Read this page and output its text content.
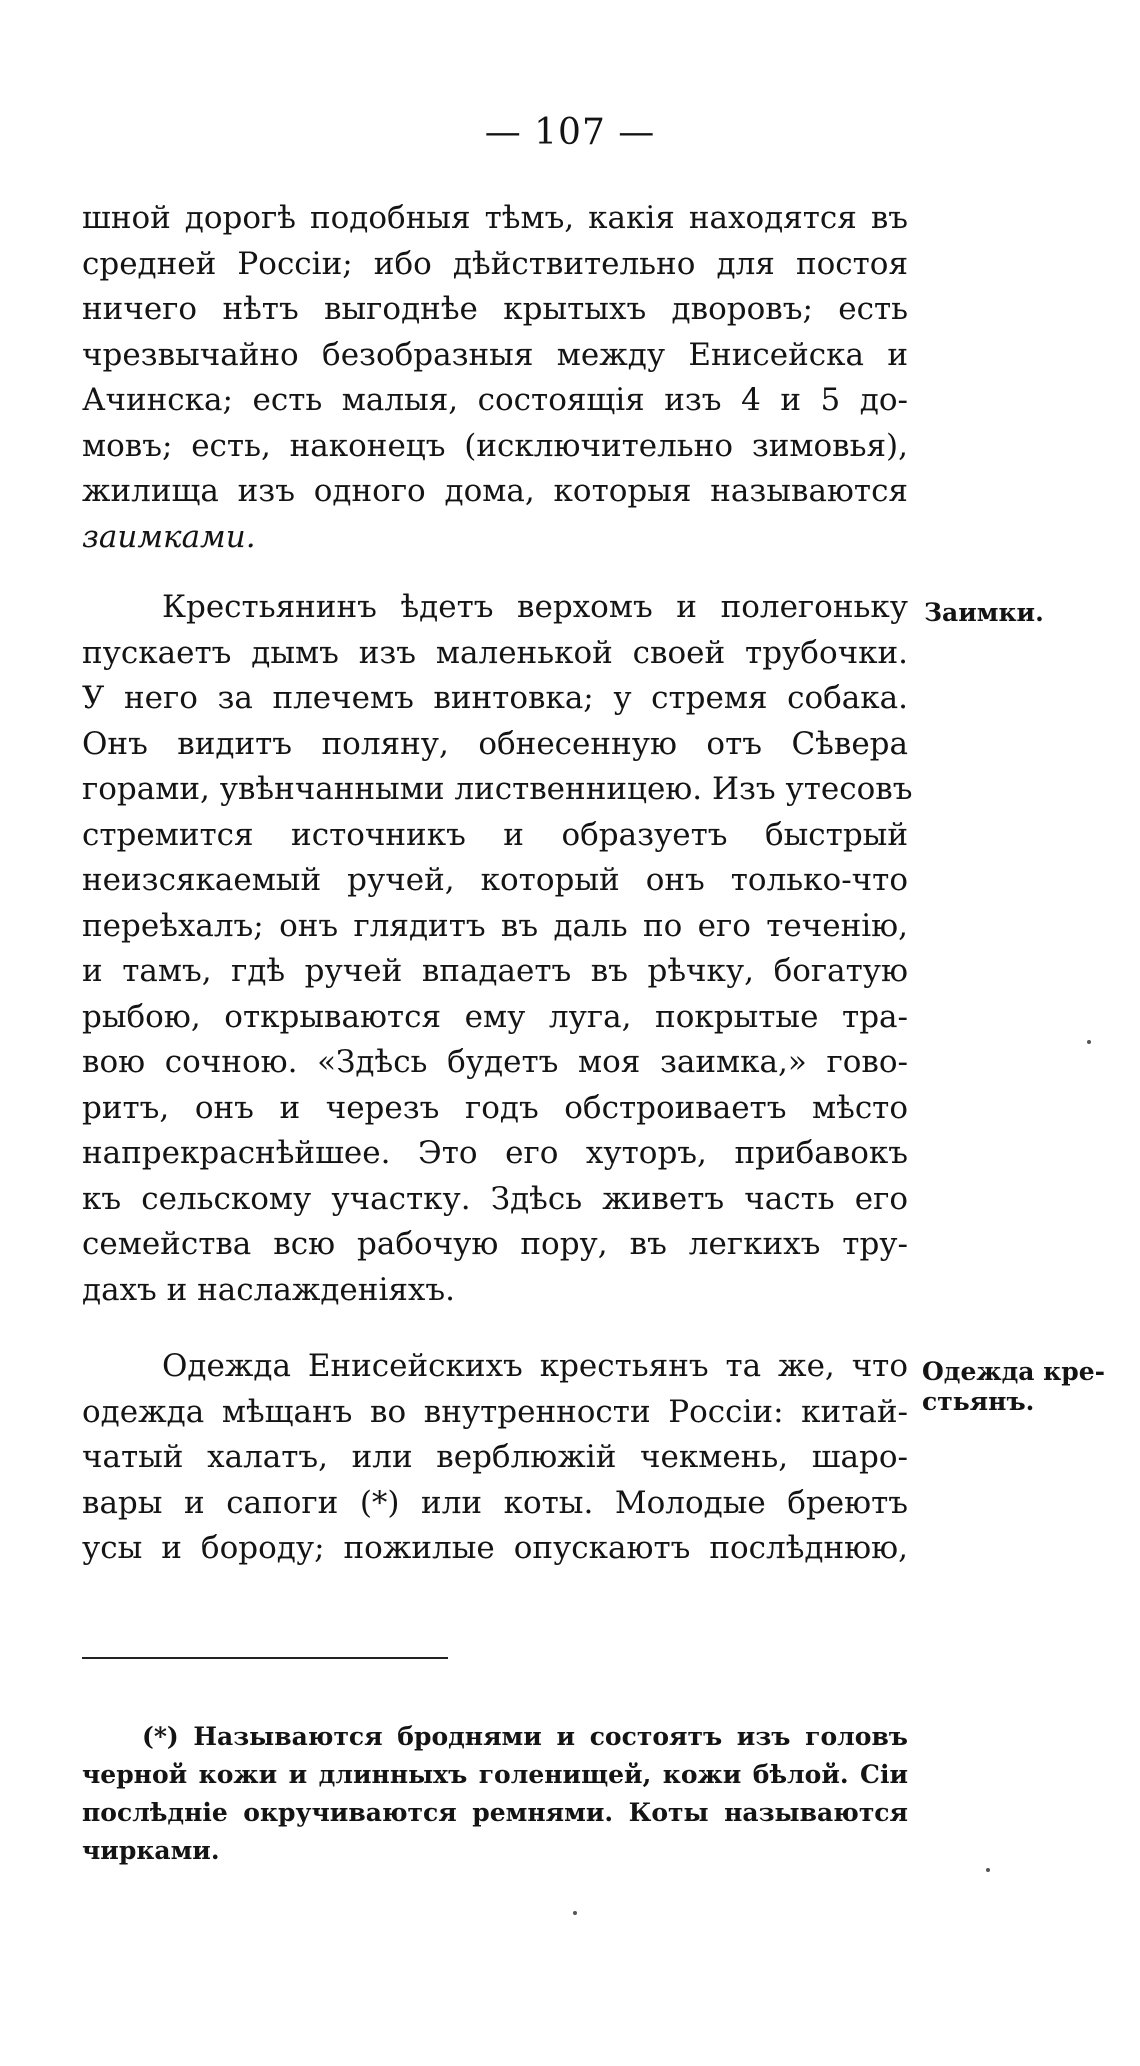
— 107 —
шной дорогѣ подобныя тѣмъ, какія находятся въ
средней Россіи; ибо дѣйствительно для постоя
ничего нѣтъ выгоднѣе крытыхъ дворовъ; есть
чрезвычайно безобразныя между Енисейска и
Ачинска; есть малыя, состоящія изъ 4 и 5 до-
мовъ; есть, наконецъ (исключительно зимовья),
жилища изъ одного дома, которыя называются
заимками.
Крестьянинъ ѣдетъ верхомъ и полегоньку
пускаетъ дымъ изъ маленькой своей трубочки.
У него за плечемъ винтовка; у стремя собака.
Онъ видитъ поляну, обнесенную отъ Сѣвера
горами, увѣнчанными лиственницею. Изъ утесовъ
стремится источникъ и образуетъ быстрый
неизсякаемый ручей, который онъ только-что
переѣхалъ; онъ глядитъ въ даль по его теченію,
и тамъ, гдѣ ручей впадаетъ въ рѣчку, богатую
рыбою, открываются ему луга, покрытые тра-
вою сочною. «Здѣсь будетъ моя заимка,» гово-
ритъ, онъ и черезъ годъ обстроиваетъ мѣсто
напрекраснѣйшее. Это его хуторъ, прибавокъ
къ сельскому участку. Здѣсь живетъ часть его
семейства всю рабочую пору, въ легкихъ тру-
дахъ и наслажденіяхъ.
Заимки.
Одежда Енисейскихъ крестьянъ та же, что
одежда мѣщанъ во внутренности Россіи: китай-
чатый халатъ, или верблюжій чекмень, шаро-
вары и сапоги (*) или коты. Молодые бреютъ
усы и бороду; пожилые опускаютъ послѣднюю,
Одежда кре-
стьянъ.

(*) Называются броднями и состоятъ изъ головъ черной кожи и длинныхъ голенищей, кожи бѣлой. Сіи послѣдніе окручиваются ремнями. Коты называются чирками.
